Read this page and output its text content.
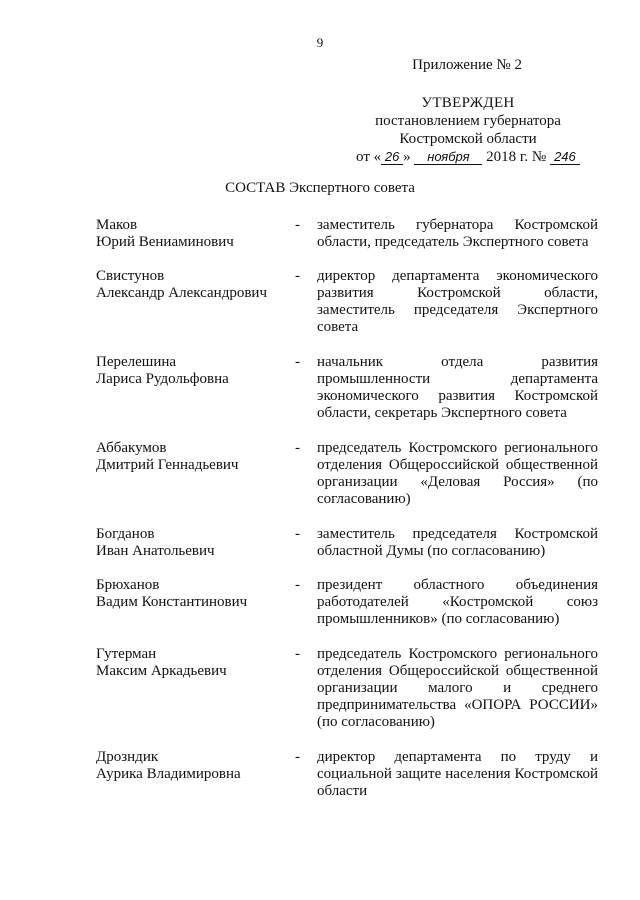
9
Приложение № 2
УТВЕРЖДЕН
постановлением губернатора
Костромской области
от « 26 » ноября 2018 г. № 246
СОСТАВ Экспертного совета
Маков
Юрий Вениаминович
- заместитель губернатора Костромской области, председатель Экспертного совета
Свистунов
Александр Александрович
- директор департамента экономического развития Костромской области, заместитель председателя Экспертного совета
Перелешина
Лариса Рудольфовна
- начальник отдела развития промышленности департамента экономического развития Костромской области, секретарь Экспертного совета
Аббакумов
Дмитрий Геннадьевич
- председатель Костромского регионального отделения Общероссийской общественной организации «Деловая Россия» (по согласованию)
Богданов
Иван Анатольевич
- заместитель председателя Костромской областной Думы (по согласованию)
Брюханов
Вадим Константинович
- президент областного объединения работодателей «Костромской союз промышленников» (по согласованию)
Гутерман
Максим Аркадьевич
- председатель Костромского регионального отделения Общероссийской общественной организации малого и среднего предпринимательства «ОПОРА РОССИИ» (по согласованию)
Дрозндик
Аурика Владимировна
- директор департамента по труду и социальной защите населения Костромской области
